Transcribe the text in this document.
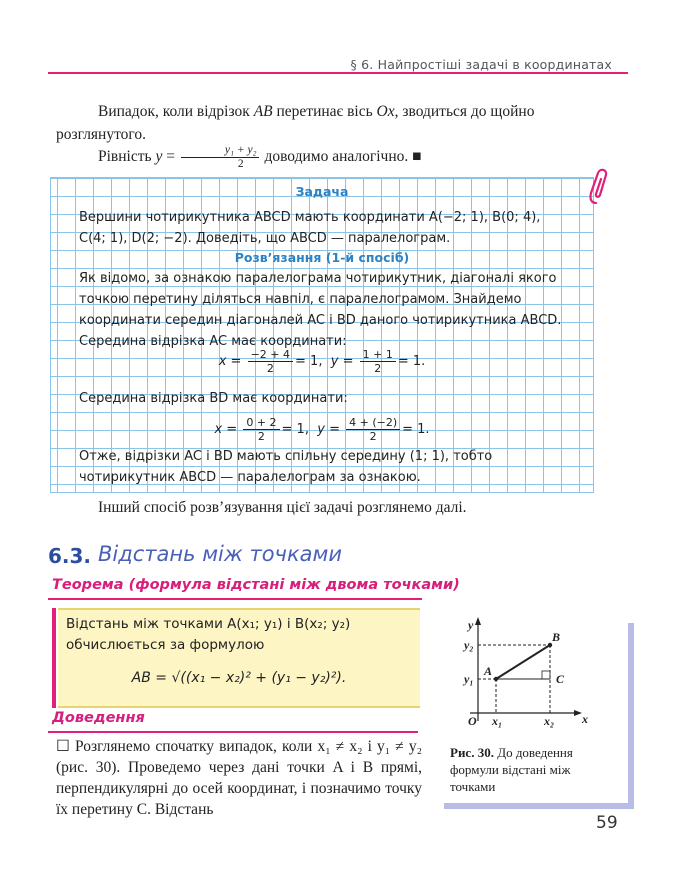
§ 6. Найпростіші задачі в координатах
Випадок, коли відрізок AB перетинає вісь Ox, зводиться до щойно розглянутого.
Рівність $y = \frac{\text{y₁ + y₂}}{2}$ доводимо аналогічно. ■
Задача
Вершини чотирикутника ABCD мають координати A(−2; 1), B(0; 4), C(4; 1), D(2; −2). Доведіть, що ABCD — паралелограм.
Розв’язання (1-й спосіб)
Як відомо, за ознакою паралелограма чотирикутник, діагоналі якого точкою перетину діляться навпіл, є паралелограмом. Знайдемо координати середин діагоналей AC і BD даного чотирикутника ABCD. Середина відрізка AC має координати:
$x = \frac{-2 + 4}{2} = 1$, $y = \frac{1 + 1}{2} = 1$.
Середина відрізка BD має координати:
$x = \frac{0 + 2}{2} = 1$, $y = \frac{4 + (-2)}{2} = 1$.
Отже, відрізки AC і BD мають спільну середину (1; 1), тобто чотирикутник ABCD — паралелограм за ознакою.
Інший спосіб розв’язування цієї задачі розглянемо далі.
6.3. Відстань між точками
Теорема (формула відстані між двома точками)
Відстань між точками A(x₁; y₁) і B(x₂; y₂) обчислюється за формулою
AB = √((x₁ − x₂)² + (y₁ − y₂)²).
Доведення
☐ Розглянемо спочатку випадок, коли x₁ ≠ x₂ і y₁ ≠ y₂ (рис. 30). Проведемо через дані точки A і B прямі, перпендикулярні до осей координат, і позначимо точку їх перетину C. Відстань
y
x
O
y₂
y₁
x₁	x₂
A
B
C
Рис. 30. До доведення формули відстані між точками
59
